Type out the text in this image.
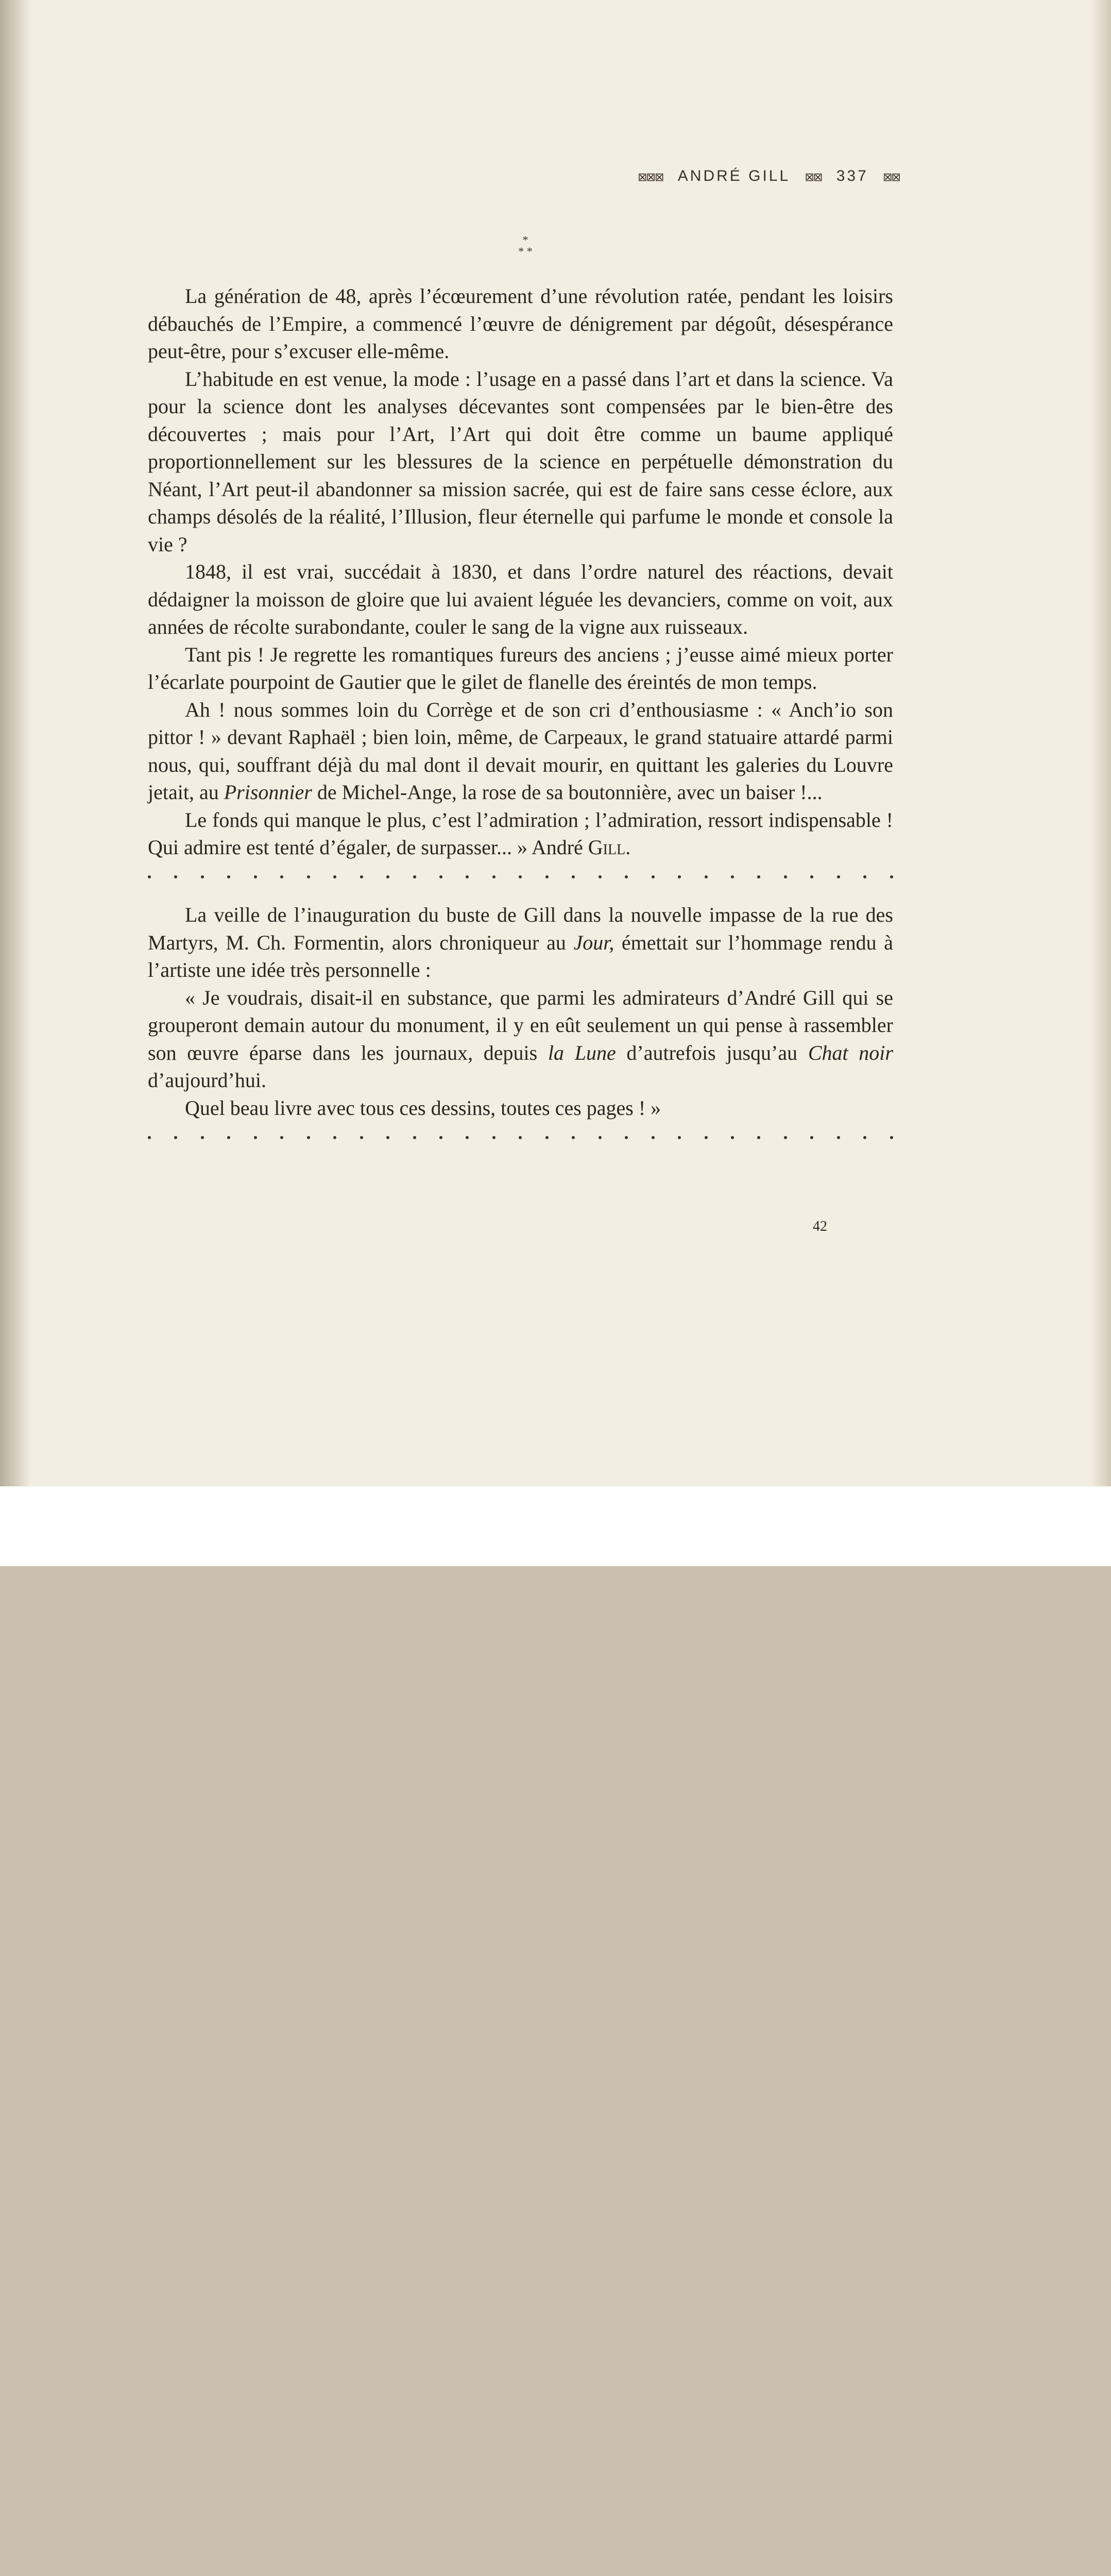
⊠⊠⊠ ANDRÉ GILL ⊠⊠ 337 ⊠⊠
*
* *

La génération de 48, après l’écœurement d’une révolution ratée, pendant les loisirs débauchés de l’Empire, a commencé l’œuvre de dénigrement par dégoût, désespérance peut-être, pour s’excuser elle-même.

L’habitude en est venue, la mode : l’usage en a passé dans l’art et dans la science. Va pour la science dont les analyses décevantes sont compensées par le bien-être des découvertes ; mais pour l’Art, l’Art qui doit être comme un baume appliqué proportionnellement sur les blessures de la science en perpétuelle démonstration du Néant, l’Art peut-il abandonner sa mission sacrée, qui est de faire sans cesse éclore, aux champs désolés de la réalité, l’Illusion, fleur éternelle qui parfume le monde et console la vie ?

1848, il est vrai, succédait à 1830, et dans l’ordre naturel des réactions, devait dédaigner la moisson de gloire que lui avaient léguée les devanciers, comme on voit, aux années de récolte surabondante, couler le sang de la vigne aux ruisseaux.

Tant pis ! Je regrette les romantiques fureurs des anciens ; j’eusse aimé mieux porter l’écarlate pourpoint de Gautier que le gilet de flanelle des éreintés de mon temps.

Ah ! nous sommes loin du Corrège et de son cri d’enthousiasme : « Anch’io son pittor ! » devant Raphaël ; bien loin, même, de Carpeaux, le grand statuaire attardé parmi nous, qui, souffrant déjà du mal dont il devait mourir, en quittant les galeries du Louvre jetait, au Prisonnier de Michel-Ange, la rose de sa boutonnière, avec un baiser !...

Le fonds qui manque le plus, c’est l’admiration ; l’admiration, ressort indispensable ! Qui admire est tenté d’égaler, de surpasser... » André Gill.

La veille de l’inauguration du buste de Gill dans la nouvelle impasse de la rue des Martyrs, M. Ch. Formentin, alors chroniqueur au Jour, émettait sur l’hommage rendu à l’artiste une idée très personnelle :

« Je voudrais, disait-il en substance, que parmi les admirateurs d’André Gill qui se grouperont demain autour du monument, il y en eût seulement un qui pense à rassembler son œuvre éparse dans les journaux, depuis la Lune d’autrefois jusqu’au Chat noir d’aujourd’hui.

Quel beau livre avec tous ces dessins, toutes ces pages ! »

42
